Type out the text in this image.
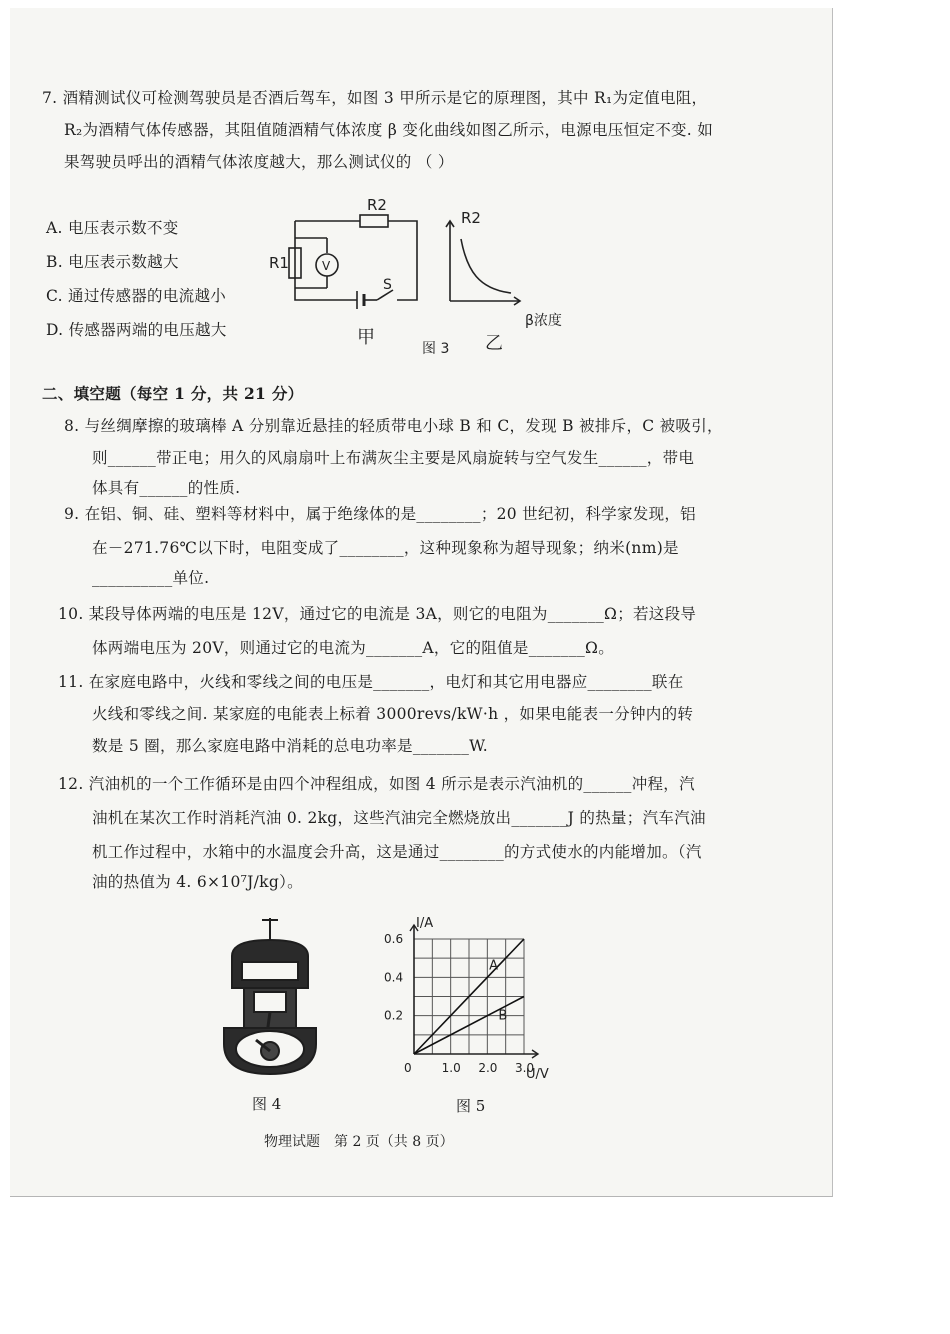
7. 酒精测试仪可检测驾驶员是否酒后驾车，如图 3 甲所示是它的原理图，其中 R₁为定值电阻，
R₂为酒精气体传感器，其阻值随酒精气体浓度 β 变化曲线如图乙所示，电源电压恒定不变. 如
果驾驶员呼出的酒精气体浓度越大，那么测试仪的 （ ）
A. 电压表示数不变
B. 电压表示数越大
C. 通过传感器的电流越小
D. 传感器两端的电压越大
R2
R1	V
S
甲
图 3 乙
R2
β浓度
二、填空题（每空 1 分，共 21 分）
8. 与丝绸摩擦的玻璃棒 A 分别靠近悬挂的轻质带电小球 B 和 C，发现 B 被排斥，C 被吸引，
则______带正电；用久的风扇扇叶上布满灰尘主要是风扇旋转与空气发生______，带电
体具有______的性质.
9. 在铝、铜、硅、塑料等材料中，属于绝缘体的是________；20 世纪初，科学家发现，铝
在－271.76℃以下时，电阻变成了________，这种现象称为超导现象；纳米(nm)是
__________单位.
10. 某段导体两端的电压是 12V，通过它的电流是 3A，则它的电阻为_______Ω；若这段导
体两端电压为 20V，则通过它的电流为_______A，它的阻值是_______Ω。
11. 在家庭电路中，火线和零线之间的电压是_______，电灯和其它用电器应________联在
火线和零线之间. 某家庭的电能表上标着 3000revs/kW·h ，如果电能表一分钟内的转
数是 5 圈，那么家庭电路中消耗的总电功率是_______W.
12. 汽油机的一个工作循环是由四个冲程组成，如图 4 所示是表示汽油机的______冲程，汽
油机在某次工作时消耗汽油 0. 2kg，这些汽油完全燃烧放出_______J 的热量；汽车汽油
机工作过程中，水箱中的水温度会升高，这是通过________的方式使水的内能增加。（汽
油的热值为 4. 6×10⁷J/kg）。
图 4
0.6
0.4
0.2
1.0 2.0 3.0
0
I/A
U/V
A
B
图 5
物理试题　第 2 页（共 8 页）
